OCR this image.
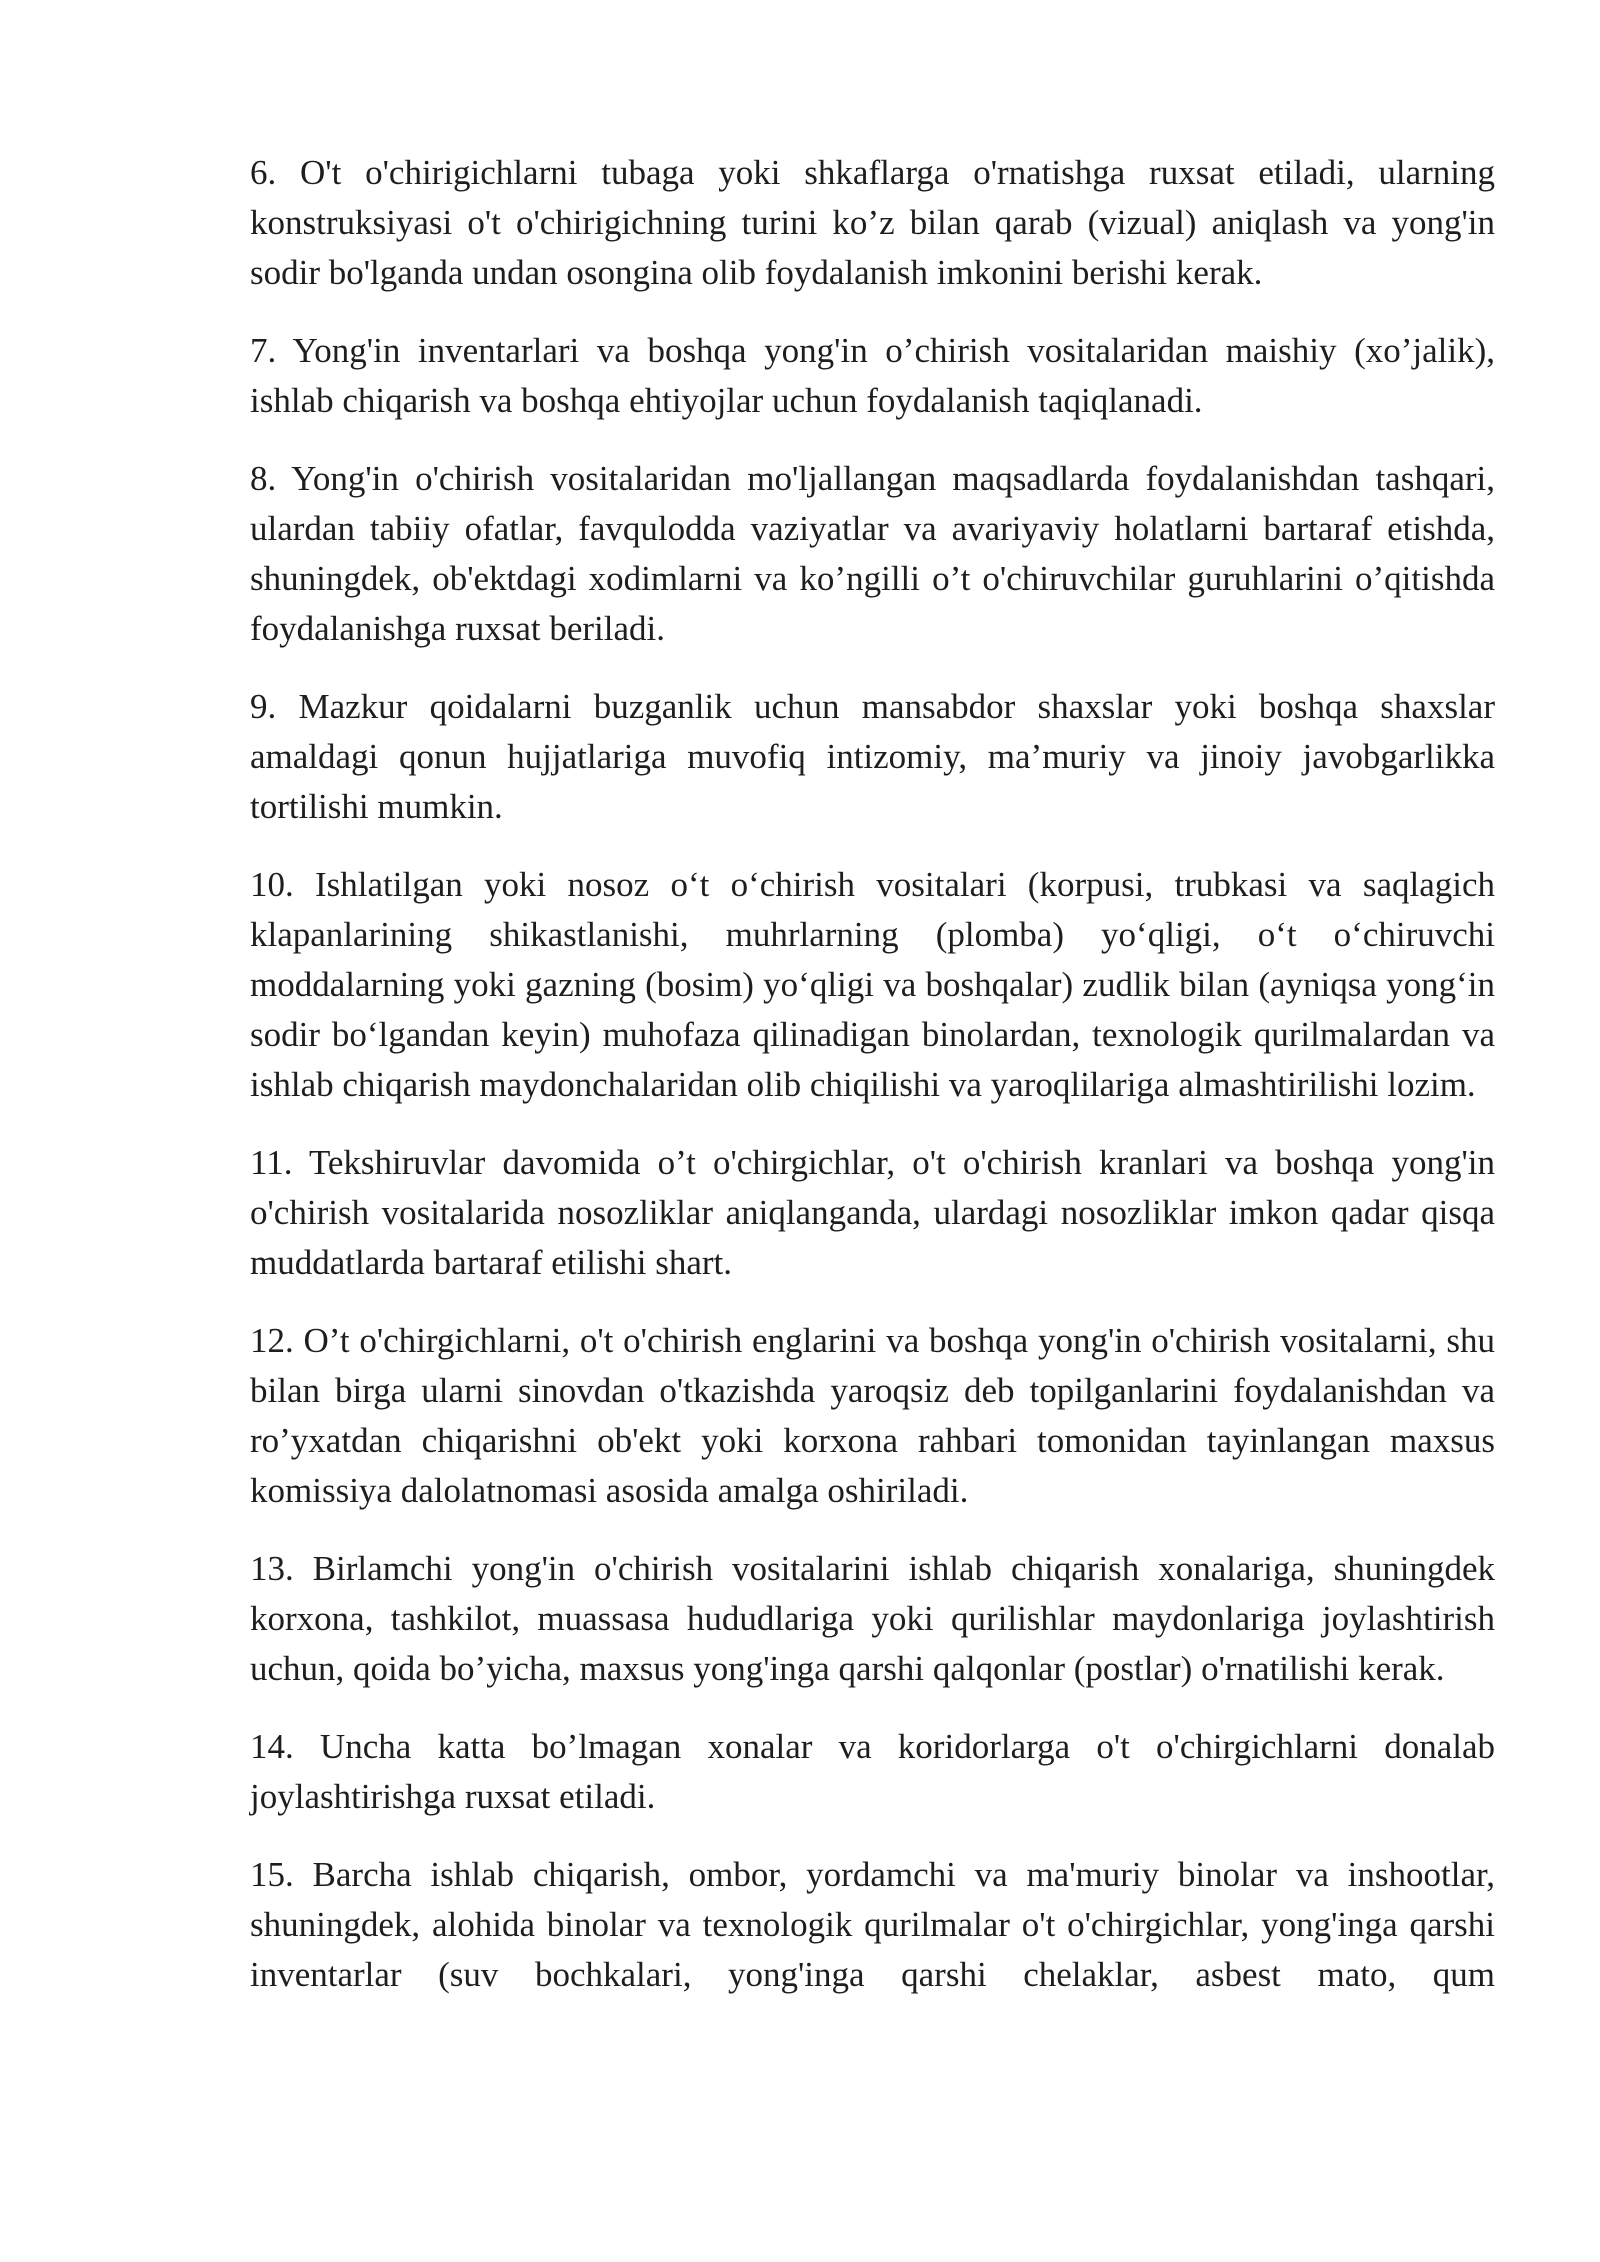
6. O't o'chirigichlarni tubaga yoki shkaflarga o'rnatishga ruxsat etiladi, ularning konstruksiyasi o't o'chirigichning turini ko’z bilan qarab (vizual) aniqlash va yong'in sodir bo'lganda undan osongina olib foydalanish imkonini berishi kerak.

7. Yong'in inventarlari va boshqa yong'in o’chirish vositalaridan maishiy (xo’jalik), ishlab chiqarish va boshqa ehtiyojlar uchun foydalanish taqiqlanadi.

8. Yong'in o'chirish vositalaridan mo'ljallangan maqsadlarda foydalanishdan tashqari, ulardan tabiiy ofatlar, favqulodda vaziyatlar va avariyaviy holatlarni bartaraf etishda, shuningdek, ob'ektdagi xodimlarni va ko’ngilli o’t o'chiruvchilar guruhlarini o’qitishda foydalanishga ruxsat beriladi.

9. Mazkur qoidalarni buzganlik uchun mansabdor shaxslar yoki boshqa shaxslar amaldagi qonun hujjatlariga muvofiq intizomiy, ma’muriy va jinoiy javobgarlikka tortilishi mumkin.

10. Ishlatilgan yoki nosoz o‘t o‘chirish vositalari (korpusi, trubkasi va saqlagich klapanlarining shikastlanishi, muhrlarning (plomba) yo‘qligi, o‘t o‘chiruvchi moddalarning yoki gazning (bosim) yo‘qligi va boshqalar) zudlik bilan (ayniqsa yong‘in sodir bo‘lgandan keyin) muhofaza qilinadigan binolardan, texnologik qurilmalardan va ishlab chiqarish maydonchalaridan olib chiqilishi va yaroqlilariga almashtirilishi lozim.

11. Tekshiruvlar davomida o’t o'chirgichlar, o't o'chirish kranlari va boshqa yong'in o'chirish vositalarida nosozliklar aniqlanganda, ulardagi nosozliklar imkon qadar qisqa muddatlarda bartaraf etilishi shart.

12. O’t o'chirgichlarni, o't o'chirish englarini va boshqa yong'in o'chirish vositalarni, shu bilan birga ularni sinovdan o'tkazishda yaroqsiz deb topilganlarini foydalanishdan va ro’yxatdan chiqarishni ob'ekt yoki korxona rahbari tomonidan tayinlangan maxsus komissiya dalolatnomasi asosida amalga oshiriladi.

13. Birlamchi yong'in o'chirish vositalarini ishlab chiqarish xonalariga, shuningdek korxona, tashkilot, muassasa hududlariga yoki qurilishlar maydonlariga joylashtirish uchun, qoida bo’yicha, maxsus yong'inga qarshi qalqonlar (postlar) o'rnatilishi kerak.

14. Uncha katta bo’lmagan xonalar va koridorlarga o't o'chirgichlarni donalab joylashtirishga ruxsat etiladi.

15. Barcha ishlab chiqarish, ombor, yordamchi va ma'muriy binolar va inshootlar, shuningdek, alohida binolar va texnologik qurilmalar o't o'chirgichlar, yong'inga qarshi inventarlar (suv bochkalari, yong'inga qarshi chelaklar, asbest mato, qum
